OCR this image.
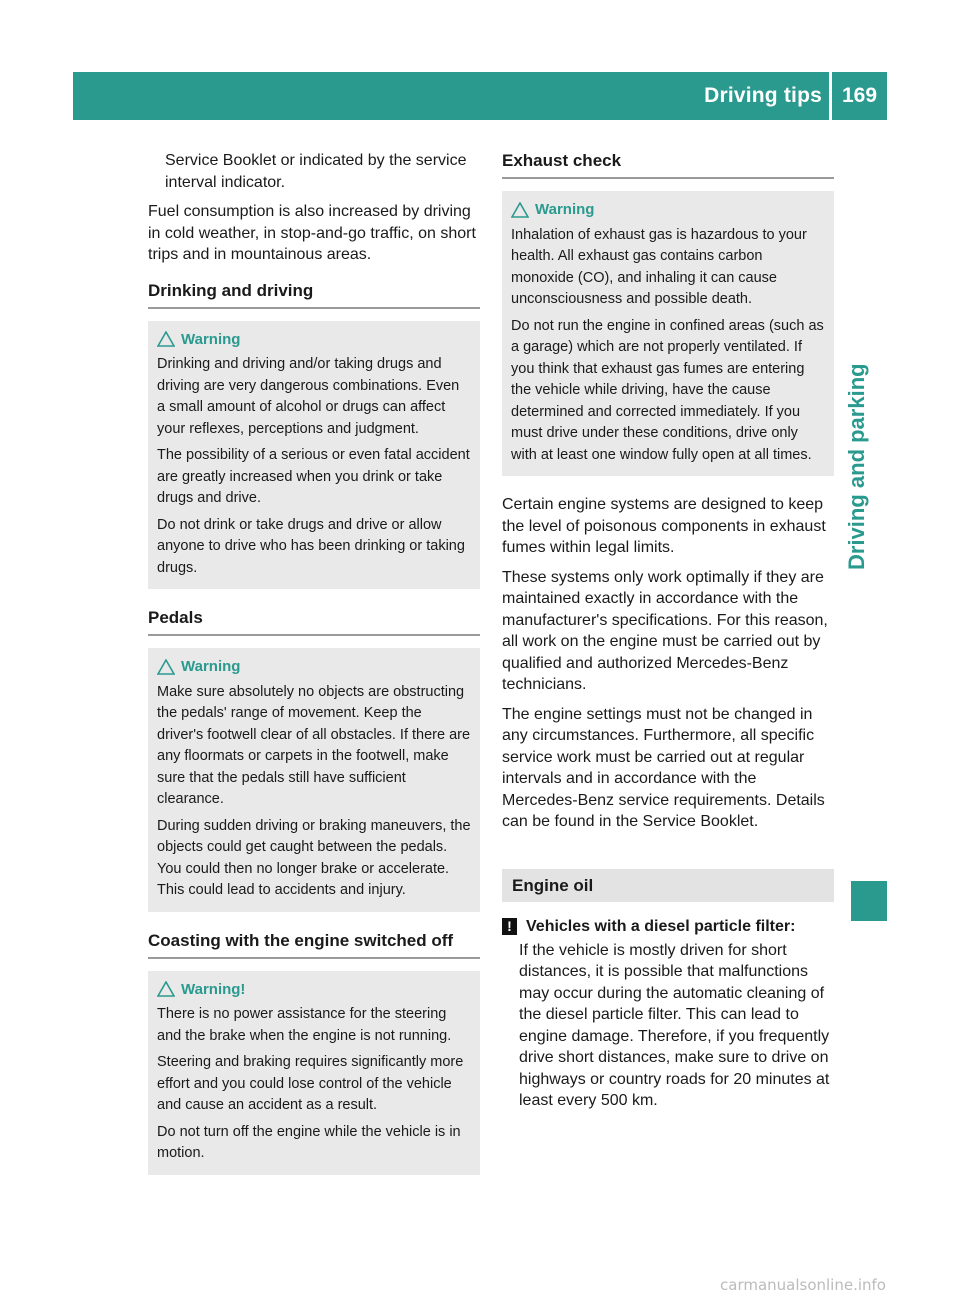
Driving tips 169
Driving and parking

Service Booklet or indicated by the service interval indicator.

Fuel consumption is also increased by driving in cold weather, in stop-and-go traffic, on short trips and in mountainous areas.

Drinking and driving
Warning

Drinking and driving and/or taking drugs and driving are very dangerous combinations. Even a small amount of alcohol or drugs can affect your reflexes, perceptions and judgment.

The possibility of a serious or even fatal accident are greatly increased when you drink or take drugs and drive.

Do not drink or take drugs and drive or allow anyone to drive who has been drinking or taking drugs.

Pedals
Warning

Make sure absolutely no objects are obstructing the pedals' range of movement. Keep the driver's footwell clear of all obstacles. If there are any floormats or carpets in the footwell, make sure that the pedals still have sufficient clearance.

During sudden driving or braking maneuvers, the objects could get caught between the pedals. You could then no longer brake or accelerate. This could lead to accidents and injury.

Coasting with the engine switched off
Warning!

There is no power assistance for the steering and the brake when the engine is not running.

Steering and braking requires significantly more effort and you could lose control of the vehicle and cause an accident as a result.

Do not turn off the engine while the vehicle is in motion.

Exhaust check
Warning

Inhalation of exhaust gas is hazardous to your health. All exhaust gas contains carbon monoxide (CO), and inhaling it can cause unconsciousness and possible death.

Do not run the engine in confined areas (such as a garage) which are not properly ventilated. If you think that exhaust gas fumes are entering the vehicle while driving, have the cause determined and corrected immediately. If you must drive under these conditions, drive only with at least one window fully open at all times.

Certain engine systems are designed to keep the level of poisonous components in exhaust fumes within legal limits.

These systems only work optimally if they are maintained exactly in accordance with the manufacturer's specifications. For this reason, all work on the engine must be carried out by qualified and authorized Mercedes-Benz technicians.

The engine settings must not be changed in any circumstances. Furthermore, all specific service work must be carried out at regular intervals and in accordance with the Mercedes-Benz service requirements. Details can be found in the Service Booklet.

Engine oil
! Vehicles with a diesel particle filter:

If the vehicle is mostly driven for short distances, it is possible that malfunctions may occur during the automatic cleaning of the diesel particle filter. This can lead to engine damage. Therefore, if you frequently drive short distances, make sure to drive on highways or country roads for 20 minutes at least every 500 km.

carmanualsonline.info
